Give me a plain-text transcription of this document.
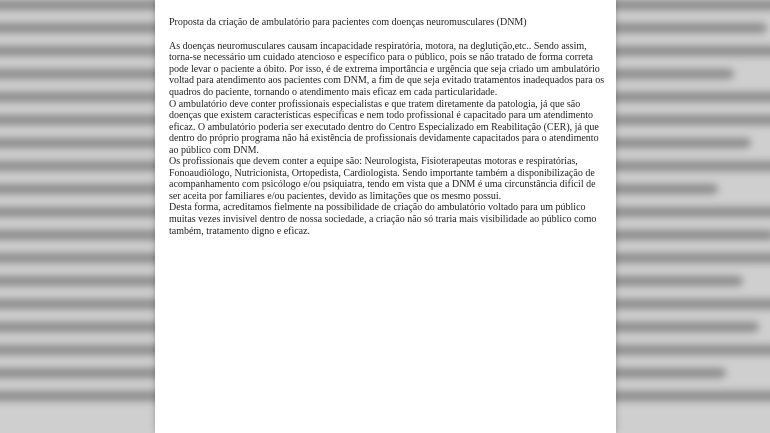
Proposta da criação de ambulatório para pacientes com doenças neuromusculares (DNM)

As doenças neuromusculares causam incapacidade respiratória, motora, na deglutição,etc.. Sendo assim, torna-se necessário um cuidado atencioso e específico para o público, pois se não tratado de forma correta pode levar o paciente a óbito. Por isso, é de extrema importância e urgência que seja criado um ambulatório voltad para atendimento aos pacientes com DNM, a fim de que seja evitado tratamentos inadequados para os quadros do paciente, tornando o atendimento mais eficaz em cada particularidade.

O ambulatório deve conter profissionais especialistas e que tratem diretamente da patologia, já que são doenças que existem características específicas e nem todo profissional é capacitado para um atendimento eficaz. O ambulatório poderia ser executado dentro do Centro Especializado em Reabilitação (CER), já que dentro do próprio programa não há existência de profissionais devidamente capacitados para o atendimento ao público com DNM.

Os profissionais que devem conter a equipe são: Neurologista, Fisioterapeutas motoras e respiratórias, Fonoaudiólogo, Nutricionista, Ortopedista, Cardiologista. Sendo importante também a disponibilização de acompanhamento com psicólogo e/ou psiquiatra, tendo em vista que a DNM é uma circunstância difícil de ser aceita por familiares e/ou pacientes, devido as limitações que os mesmo possui.

Desta forma, acreditamos fielmente na possibilidade de criação do ambulatório voltado para um público muitas vezes invisível dentro de nossa sociedade, a criação não só traria mais visibilidade ao público como também, tratamento digno e eficaz.
